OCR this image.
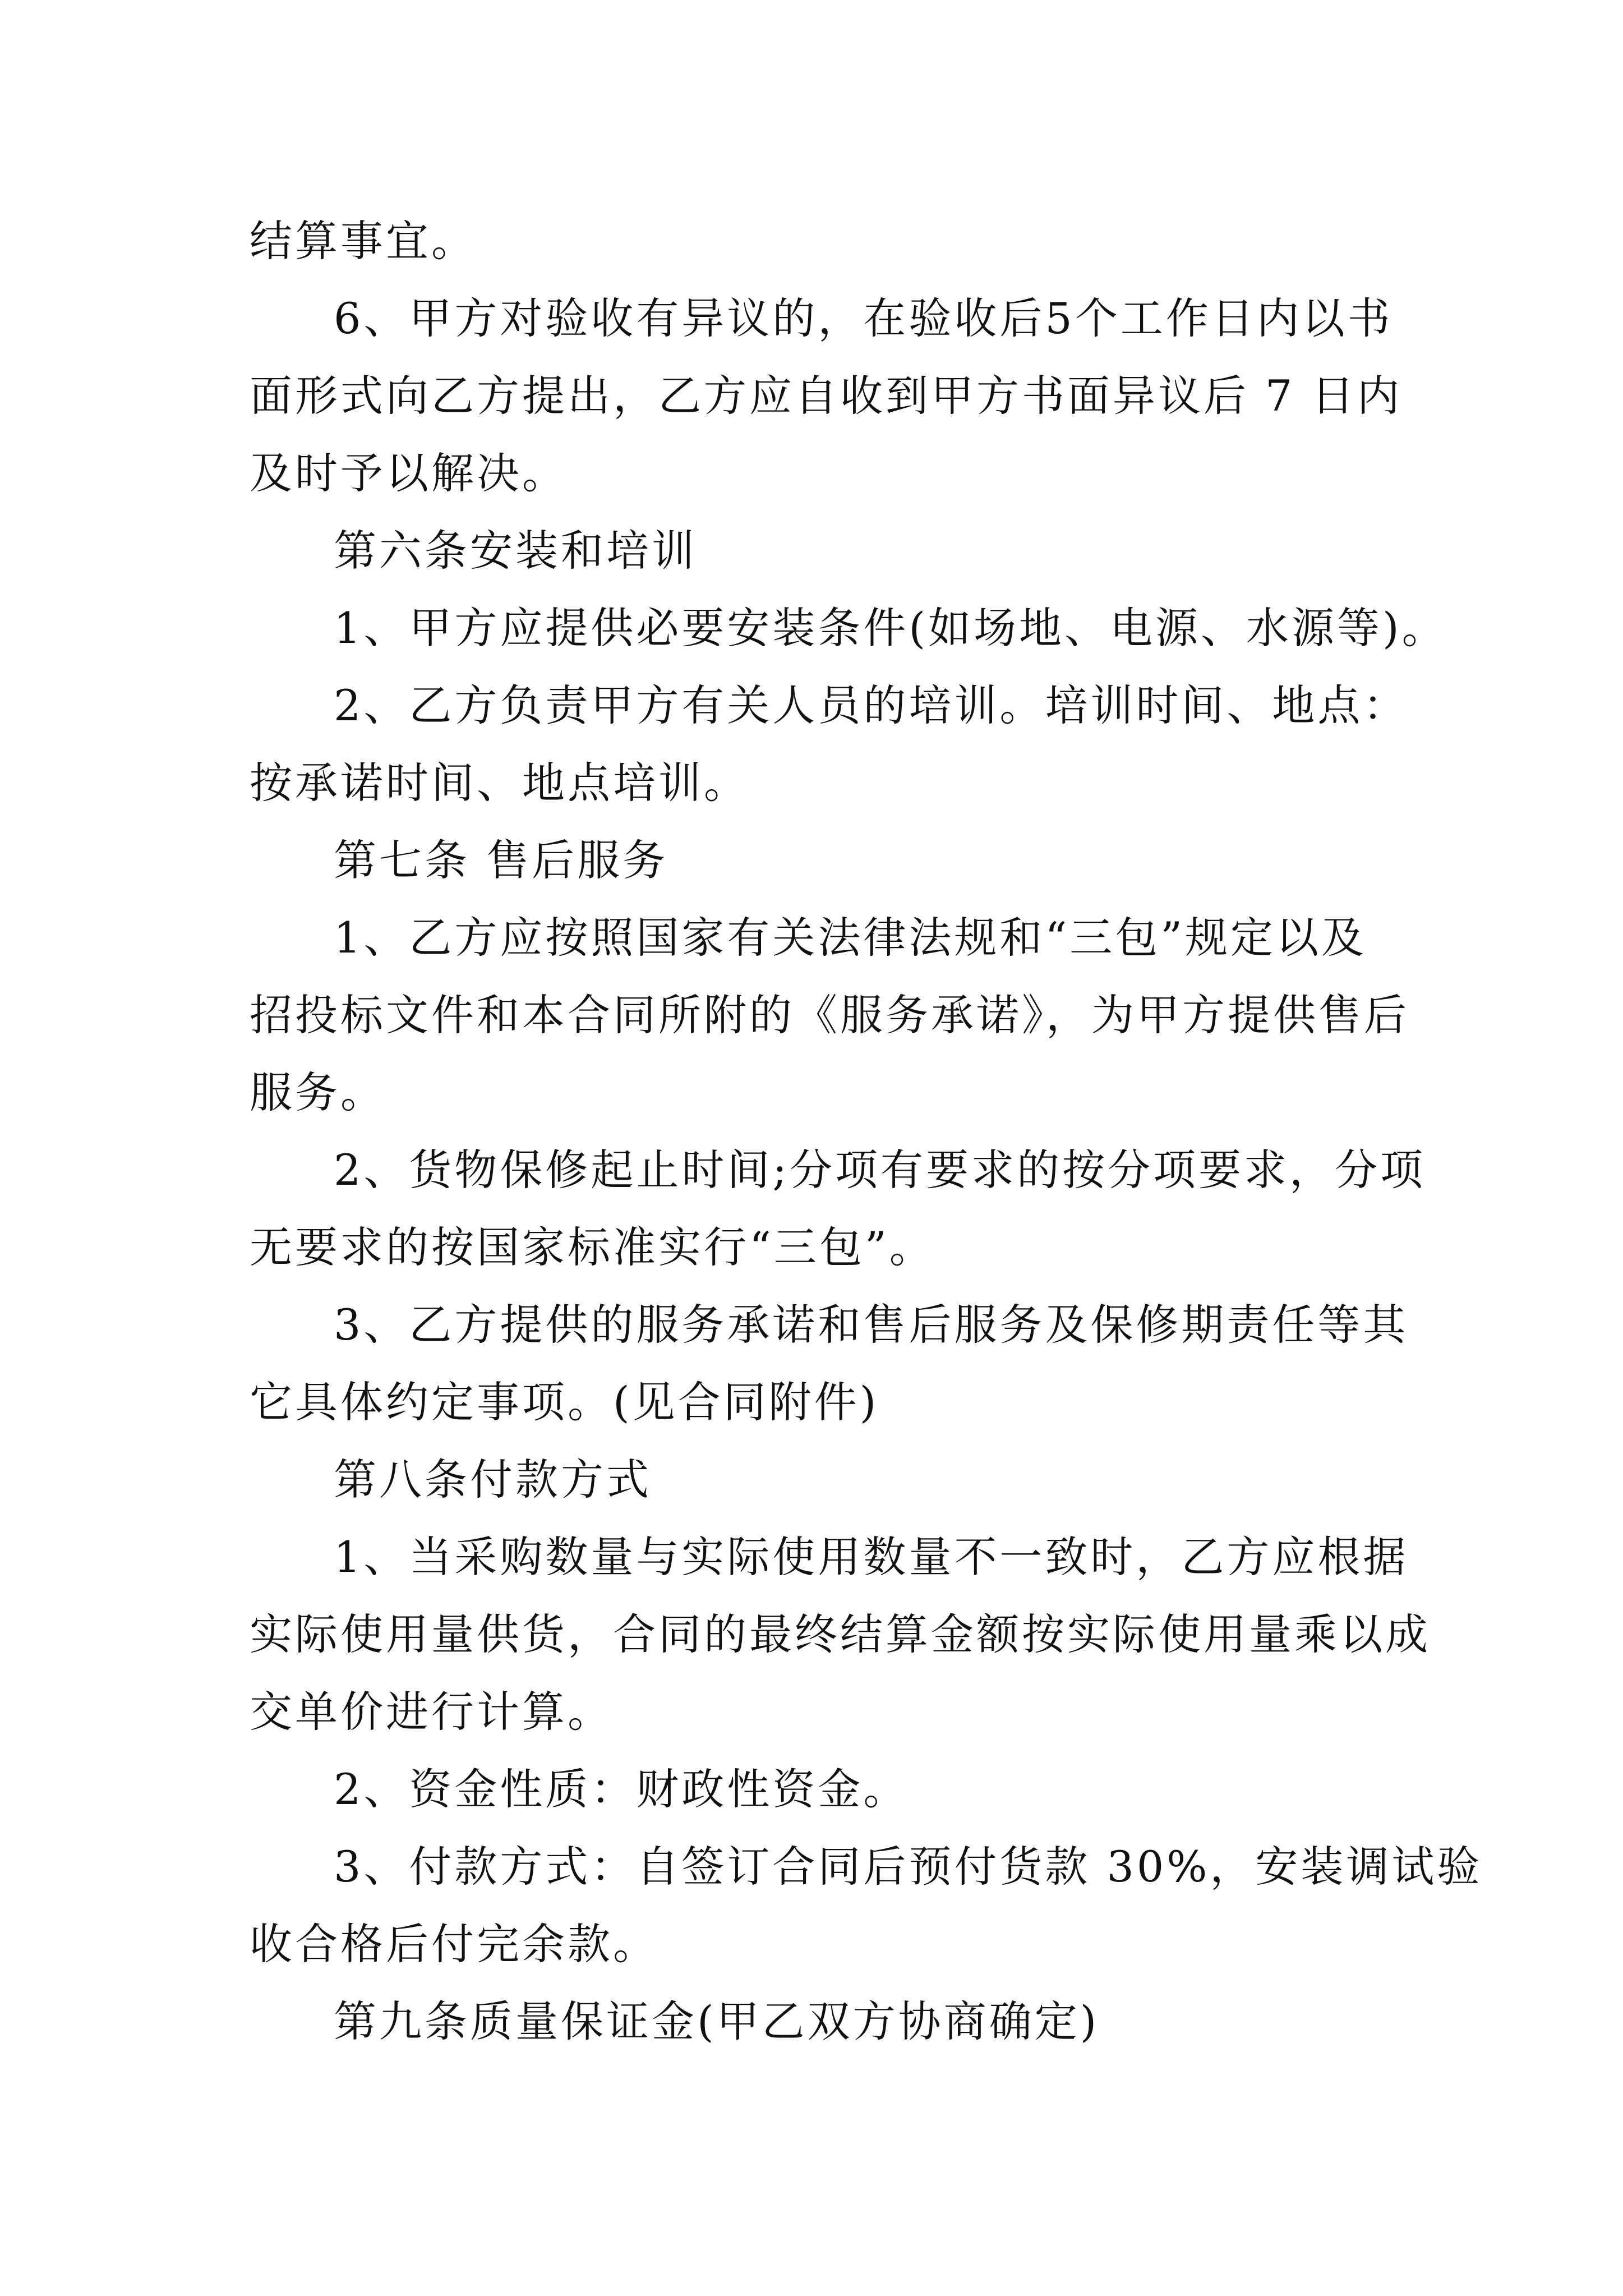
结算事宜。
6、甲方对验收有异议的，在验收后5个工作日内以书
面形式向乙方提出，乙方应自收到甲方书面异议后 7 日内
及时予以解决。
第六条安装和培训
1、甲方应提供必要安装条件(如场地、电源、水源等)。
2、乙方负责甲方有关人员的培训。培训时间、地点：
按承诺时间、地点培训。
第七条 售后服务
1、乙方应按照国家有关法律法规和“三包”规定以及
招投标文件和本合同所附的《服务承诺》，为甲方提供售后
服务。
2、货物保修起止时间;分项有要求的按分项要求，分项
无要求的按国家标准实行“三包”。
3、乙方提供的服务承诺和售后服务及保修期责任等其
它具体约定事项。(见合同附件)
第八条付款方式
1、当采购数量与实际使用数量不一致时，乙方应根据
实际使用量供货，合同的最终结算金额按实际使用量乘以成
交单价进行计算。
2、资金性质：财政性资金。
3、付款方式：自签订合同后预付货款 30%，安装调试验
收合格后付完余款。
第九条质量保证金(甲乙双方协商确定)
